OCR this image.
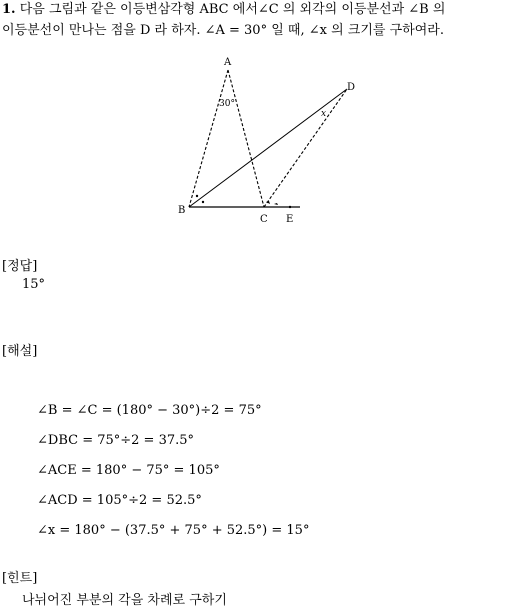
1. 다음 그림과 같은 이등변삼각형 ABC 에서∠C 의 외각의 이등분선과 ∠B 의
이등분선이 만나는 점을 D 라 하자. ∠A = 30° 일 때, ∠x 의 크기를 구하여라.
A
B
C
D
E
30°
x
[정답]
15°
[해설]
∠B = ∠C = (180° − 30°)÷2 = 75°
∠DBC = 75°÷2 = 37.5°
∠ACE = 180° − 75° = 105°
∠ACD = 105°÷2 = 52.5°
∠x = 180° − (37.5° + 75° + 52.5°) = 15°
[힌트]
나뉘어진 부분의 각을 차례로 구하기
